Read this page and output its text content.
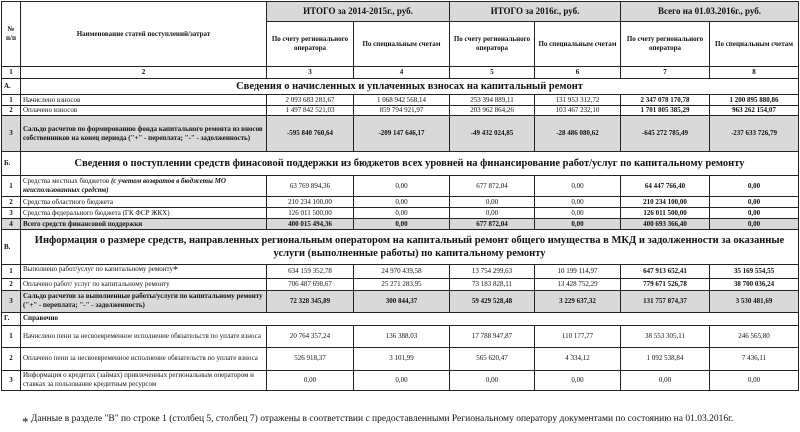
№ п/п	Наименование статей поступлений/затрат	ИТОГО за 2014-2015г., руб.		ИТОГО за 2016г., руб.		Всего на 01.03.2016г., руб.	
		По счету регионального оператора	По специальным счетам	По счету регионального оператора	По специальным счетам	По счету регионального оператора	По специальным счетам
1	2	3	4	5	6	7	8
А.	Сведения о начисленных и уплаченных взносах на капитальный ремонт						
1	Начислено взносов	2 093 683 281,67	1 068 942 568,14	253 394 889,11	131 953 312,72	2 347 078 170,78	1 200 895 880,86
2	Оплачено взносов	1 497 842 521,03	859 794 921,97	203 962 864,26	103 467 232,10	1 701 805 385,29	963 262 154,07
3	Сальдо расчетов по формированию фонда капитального ремонта из вносов собственников на конец периода ("+" - переплата; "-" - задолженность)	-595 840 760,64	-209 147 646,17	-49 432 024,85	-28 486 080,62	-645 272 785,49	-237 633 726,79
Б.	Сведения о поступлении средств финасовой поддержки из бюджетов всех уровней на финансирование работ/услуг по капитальному ремонту						
1	Средства местных бюджетов (с учетом возвратов в бюджеты МО неиспользованных средств)	63 769 894,36	0,00	677 872,04	0,00	64 447 766,40	0,00
2	Средства областного бюджета	210 234 100,00	0,00	0,00	0,00	210 234 100,00	0,00
3	Средства федерального бюджета (ГК ФСР ЖКХ)	126 011 500,00	0,00	0,00	0,00	126 011 500,00	0,00
4	Всего средств финансовой поддержки	400 015 494,36	0,00	677 872,04	0,00	400 693 366,40	0,00
В.	Информация о размере средств, направленных региональным оператором на капитальный ремонт общего имущества в МКД и задолженности за оказанные услуги (выполненные работы) по капитальному ремонту						
1	Выполнено работ/услуг по капитальному ремонту*	634 159 352,78	24 970 439,58	13 754 299,63	10 199 114,97	647 913 652,41	35 169 554,55
2	Оплачено работ/ услуг по капитальному ремонту	706 487 698,67	25 271 283,95	73 183 828,11	13 428 752,29	779 671 526,78	38 700 036,24
3	Сальдо расчетов за выполненные работы/услуги по капитальному ремонту ("+" - переплата; "-" - задолженность)	72 328 345,89	300 844,37	59 429 528,48	3 229 637,32	131 757 874,37	3 530 481,69
Г.	Справочно						
1	Начислено пени за несвоевременное исполнение обязательств по уплате взноса	20 764 357,24	136 388,03	17 788 947,87	110 177,77	38 553 305,11	246 565,80
2	Оплачено пени за несвоевременное исполнение обязательств по уплате взноса	526 918,37	3 101,99	565 620,47	4 334,12	1 092 538,84	7 436,11
3	Информация о кредитах (займах) привлеченных региональным оператором и ставках за пользование кредитным ресурсом	0,00	0,00	0,00	0,00	0,00	0,00
* Данные в разделе "В" по строке 1 (столбец 5, столбец 7) отражены в соответствии с предоставленными Региональному оператору документами по состоянию на 01.03.2016г.
